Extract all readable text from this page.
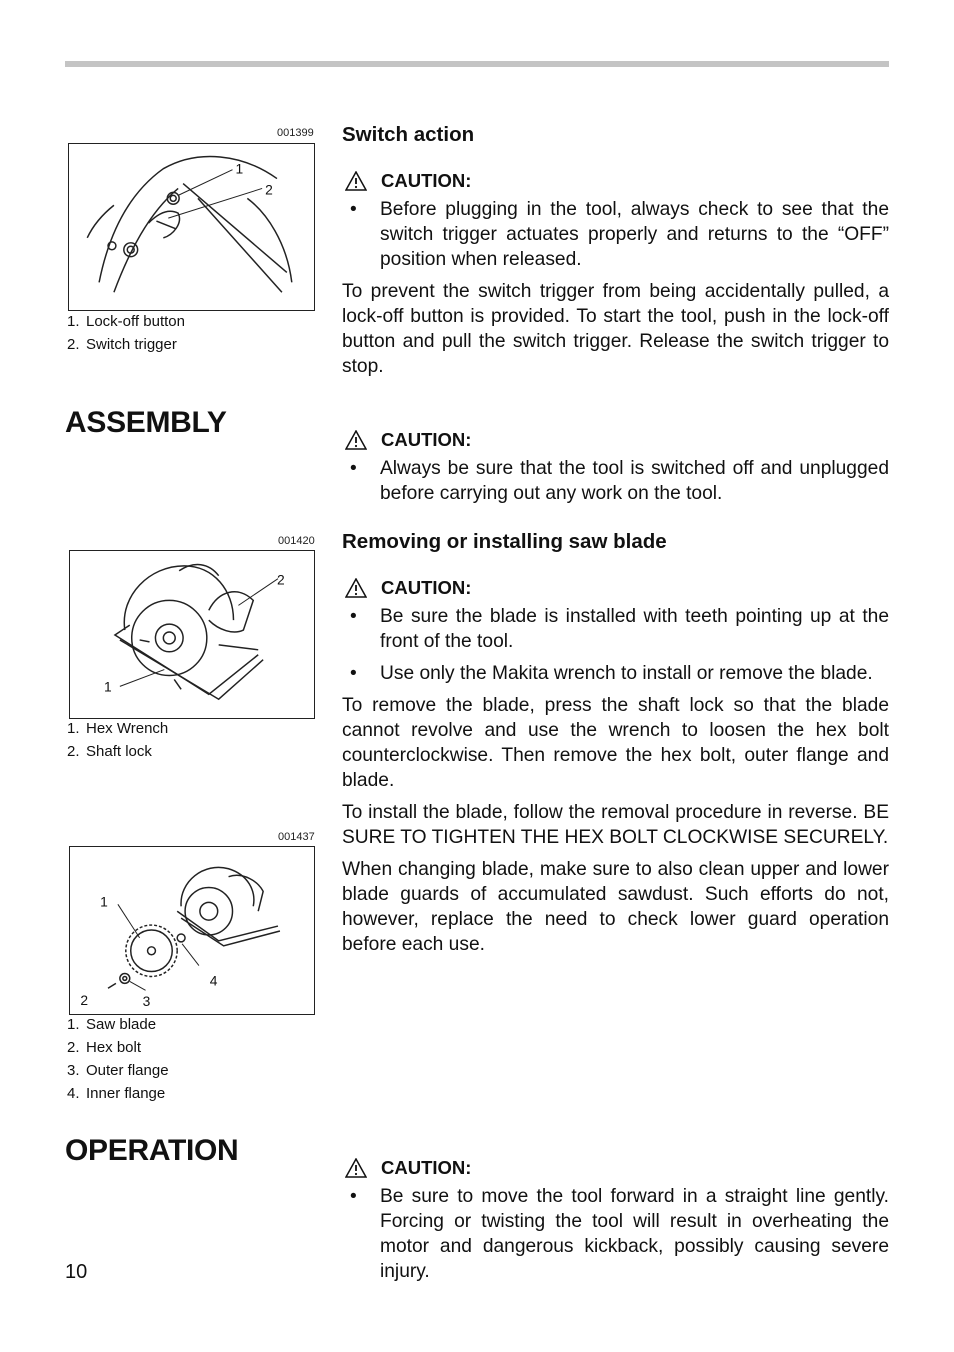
001399
1
2
1. Lock-off button
2. Switch trigger
ASSEMBLY
001420
1
2
1. Hex Wrench
2. Shaft lock
001437
1
2	3
4
1. Saw blade
2. Hex bolt
3. Outer flange
4. Inner flange
OPERATION
Switch action
CAUTION:
•	Before plugging in the tool, always check to see that the switch trigger actuates properly and returns to the “OFF” position when released.

To prevent the switch trigger from being accidentally pulled, a lock-off button is provided. To start the tool, push in the lock-off button and pull the switch trigger. Release the switch trigger to stop.

CAUTION:
•	Always be sure that the tool is switched off and unplugged before carrying out any work on the tool.
Removing or installing saw blade
CAUTION:
•	Be sure the blade is installed with teeth pointing up at the front of the tool.
•	Use only the Makita wrench to install or remove the blade.

To remove the blade, press the shaft lock so that the blade cannot revolve and use the wrench to loosen the hex bolt counterclockwise. Then remove the hex bolt, outer flange and blade.

To install the blade, follow the removal procedure in reverse. BE SURE TO TIGHTEN THE HEX BOLT CLOCKWISE SECURELY.

When changing blade, make sure to also clean upper and lower blade guards of accumulated sawdust. Such efforts do not, however, replace the need to check lower guard operation before each use.

CAUTION:
•	Be sure to move the tool forward in a straight line gently. Forcing or twisting the tool will result in overheating the motor and dangerous kickback, possibly causing severe injury.
10
